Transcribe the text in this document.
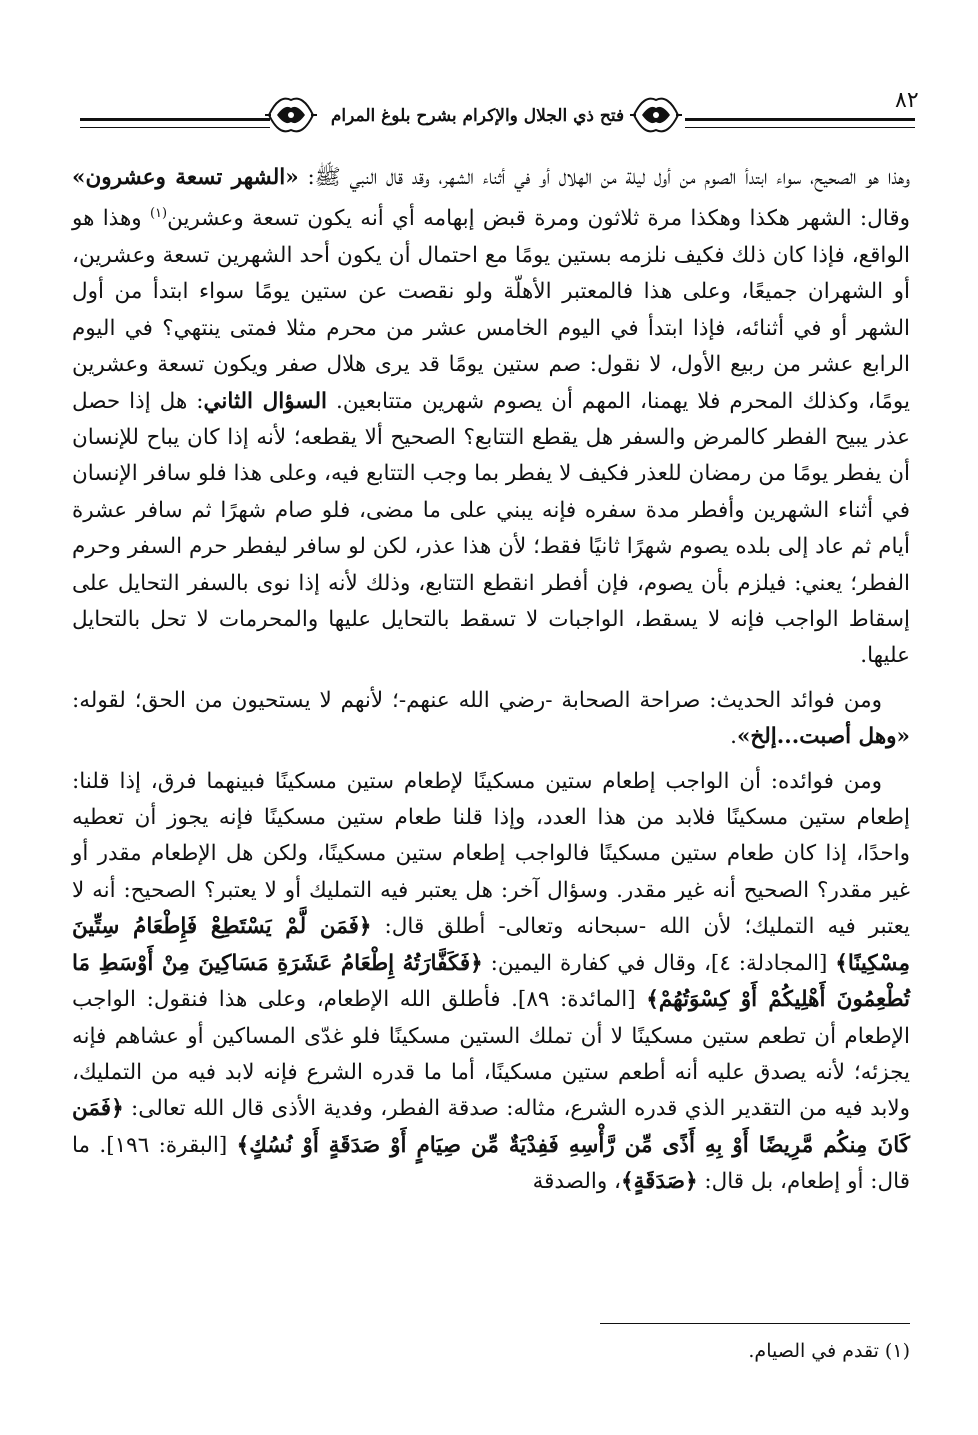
فتح ذي الجلال والإكرام بشرح بلوغ المرام
٨٢

وهذا هو الصحيح، سواء ابتدأ الصوم من أول ليلة من الهلال أو في أثناء الشهر، وقد قال النبي ﷺ: «الشهر تسعة وعشرون» وقال: الشهر هكذا وهكذا مرة ثلاثون ومرة قبض إبهامه أي أنه يكون تسعة وعشرين$^{(١)}$ وهذا هو الواقع، فإذا كان ذلك فكيف نلزمه بستين يومًا مع احتمال أن يكون أحد الشهرين تسعة وعشرين، أو الشهران جميعًا، وعلى هذا فالمعتبر الأهلّة ولو نقصت عن ستين يومًا سواء ابتدأ من أول الشهر أو في أثنائه، فإذا ابتدأ في اليوم الخامس عشر من محرم مثلا فمتى ينتهي؟ في اليوم الرابع عشر من ربيع الأول، لا نقول: صم ستين يومًا قد يرى هلال صفر ويكون تسعة وعشرين يومًا، وكذلك المحرم فلا يهمنا، المهم أن يصوم شهرين متتابعين. السؤال الثاني: هل إذا حصل عذر يبيح الفطر كالمرض والسفر هل يقطع التتابع؟ الصحيح ألا يقطعه؛ لأنه إذا كان يباح للإنسان أن يفطر يومًا من رمضان للعذر فكيف لا يفطر بما وجب التتابع فيه، وعلى هذا فلو سافر الإنسان في أثناء الشهرين وأفطر مدة سفره فإنه يبني على ما مضى، فلو صام شهرًا ثم سافر عشرة أيام ثم عاد إلى بلده يصوم شهرًا ثانيًا فقط؛ لأن هذا عذر، لكن لو سافر ليفطر حرم السفر وحرم الفطر؛ يعني: فيلزم بأن يصوم، فإن أفطر انقطع التتابع، وذلك لأنه إذا نوى بالسفر التحايل على إسقاط الواجب فإنه لا يسقط، الواجبات لا تسقط بالتحايل عليها والمحرمات لا تحل بالتحايل عليها.

ومن فوائد الحديث: صراحة الصحابة -رضي الله عنهم-؛ لأنهم لا يستحيون من الحق؛ لقوله: «وهل أصبت...إلخ».

ومن فوائده: أن الواجب إطعام ستين مسكينًا لإطعام ستين مسكينًا فبينهما فرق، إذا قلنا: إطعام ستين مسكينًا فلابد من هذا العدد، وإذا قلنا طعام ستين مسكينًا فإنه يجوز أن تعطيه واحدًا، إذا كان طعام ستين مسكينًا فالواجب إطعام ستين مسكينًا، ولكن هل الإطعام مقدر أو غير مقدر؟ الصحيح أنه غير مقدر. وسؤال آخر: هل يعتبر فيه التمليك أو لا يعتبر؟ الصحيح: أنه لا يعتبر فيه التمليك؛ لأن الله -سبحانه وتعالى- أطلق قال: ﴿فَمَن لَّمْ يَسْتَطِعْ فَإِطْعَامُ سِتِّينَ مِسْكِينًا﴾ [المجادلة: ٤]، وقال في كفارة اليمين: ﴿فَكَفَّارَتُهُ إِطْعَامُ عَشَرَةِ مَسَاكِينَ مِنْ أَوْسَطِ مَا تُطْعِمُونَ أَهْلِيكُمْ أَوْ كِسْوَتُهُمْ﴾ [المائدة: ٨٩]. فأطلق الله الإطعام، وعلى هذا فنقول: الواجب الإطعام أن تطعم ستين مسكينًا لا أن تملك الستين مسكينًا فلو غدّى المساكين أو عشاهم فإنه يجزئه؛ لأنه يصدق عليه أنه أطعم ستين مسكينًا، أما ما قدره الشرع فإنه لابد فيه من التمليك، ولابد فيه من التقدير الذي قدره الشرع، مثاله: صدقة الفطر، وفدية الأذى قال الله تعالى: ﴿فَمَن كَانَ مِنكُم مَّرِيضًا أَوْ بِهِ أَذًى مِّن رَّأْسِهِ فَفِدْيَةٌ مِّن صِيَامٍ أَوْ صَدَقَةٍ أَوْ نُسُكٍ﴾ [البقرة: ١٩٦]. ما قال: أو إطعام، بل قال: ﴿صَدَقَةٍ﴾، والصدقة

(١) تقدم في الصيام.
